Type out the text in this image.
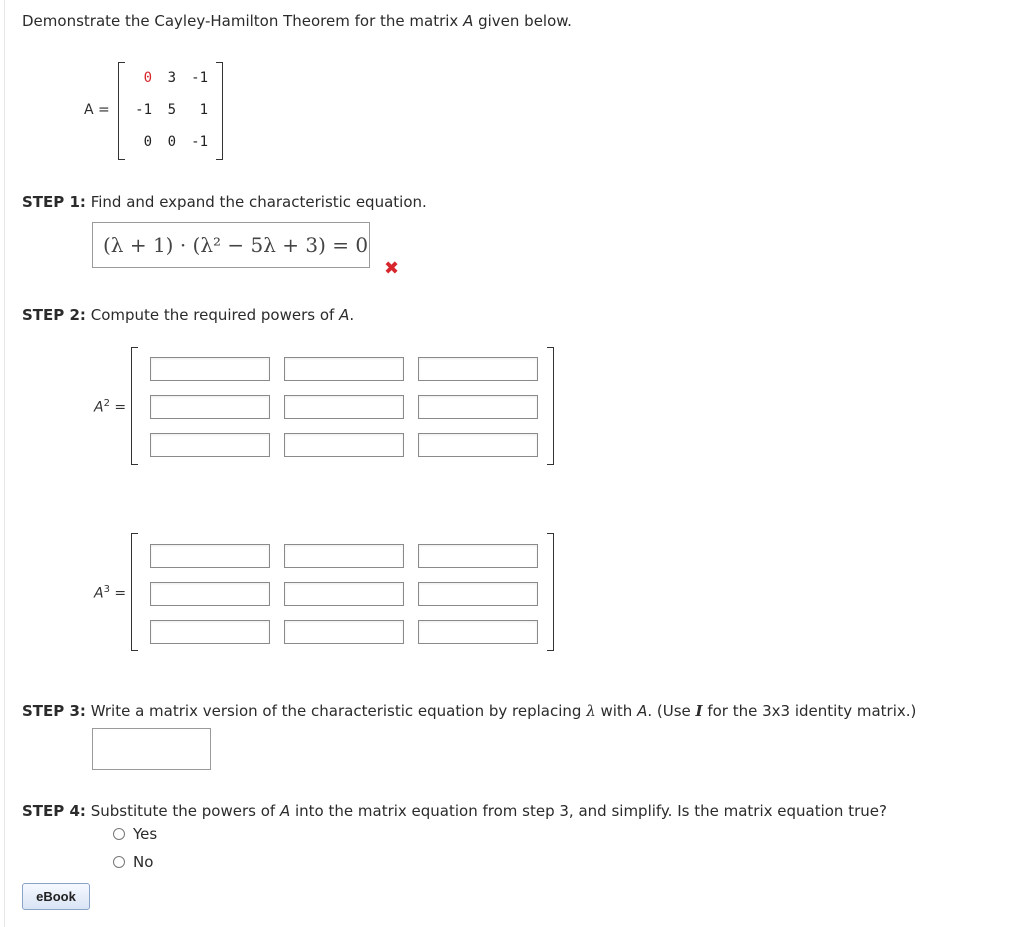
Demonstrate the Cayley-Hamilton Theorem for the matrix A given below.
A =
0	3	-1
-1	5	1
0	0	-1
STEP 1: Find and expand the characteristic equation.
(λ + 1) · (λ² − 5λ + 3) = 0
✖
STEP 2: Compute the required powers of A.
$A^2$ =
$A^3$ =
STEP 3: Write a matrix version of the characteristic equation by replacing λ with A. (Use I for the 3x3 identity matrix.)
STEP 4: Substitute the powers of A into the matrix equation from step 3, and simplify. Is the matrix equation true?
Yes
No
eBook
